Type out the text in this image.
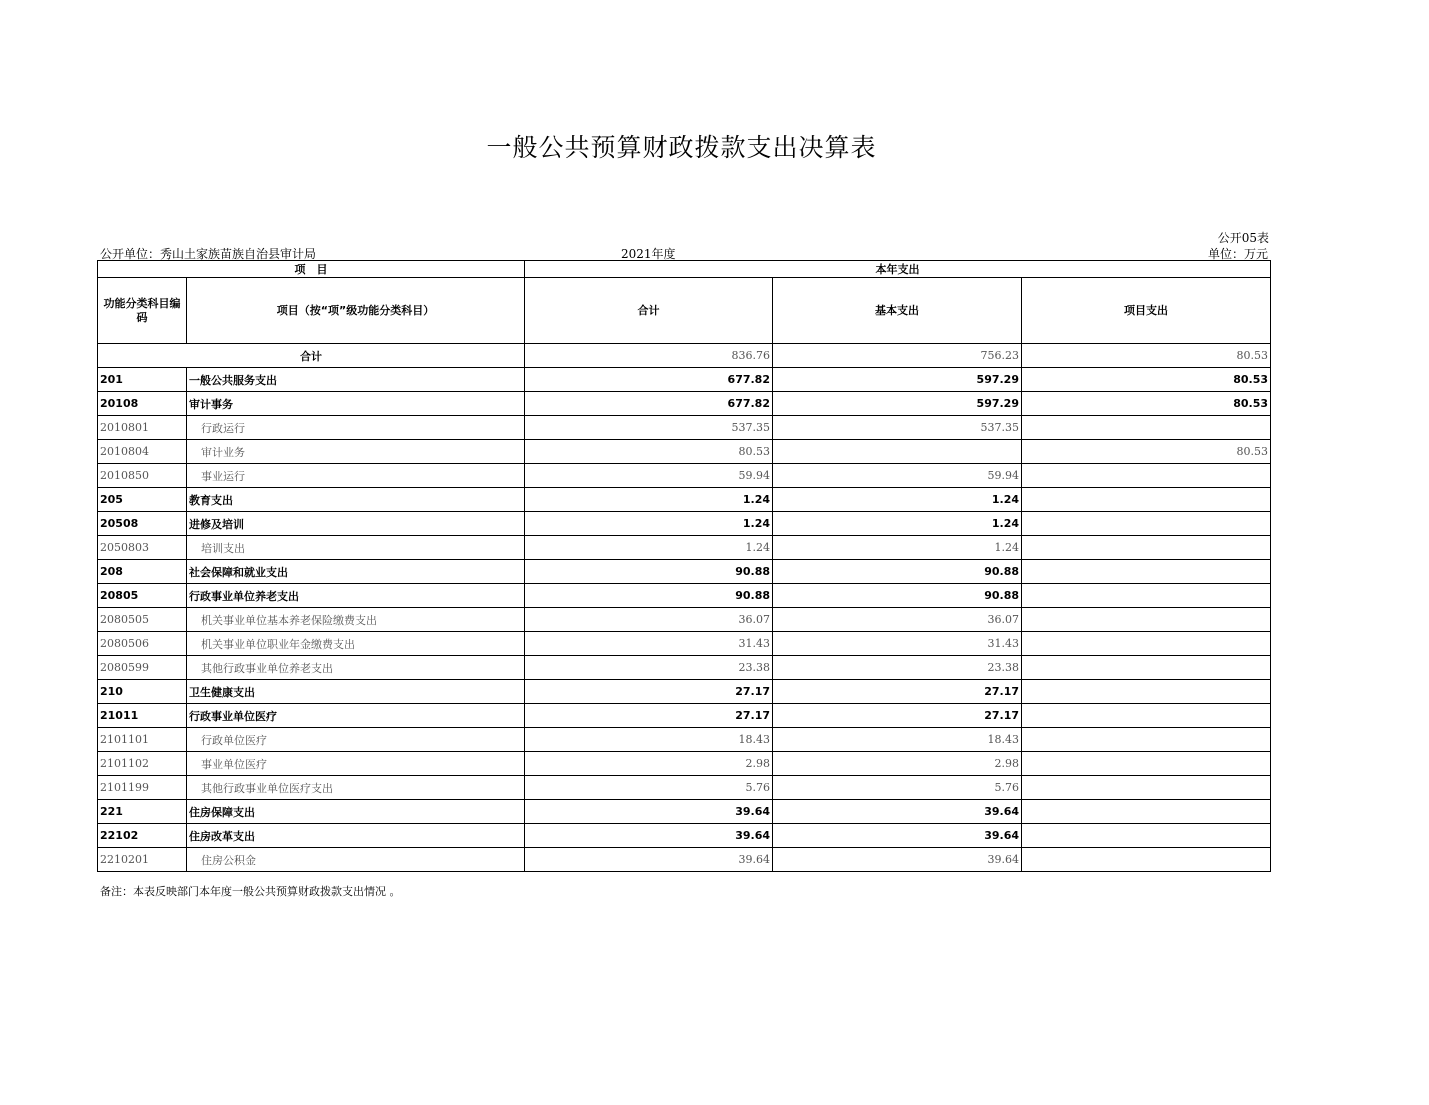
一般公共预算财政拨款支出决算表
公开05表
公开单位：秀山土家族苗族自治县审计局	2021年度	单位：万元
项　目		本年支出		
功能分类科目编码	项目（按“项”级功能分类科目）	合计	基本支出	项目支出
合计		836.76	756.23	80.53
201	一般公共服务支出	677.82	597.29	80.53
20108	审计事务	677.82	597.29	80.53
2010801	行政运行	537.35	537.35	
2010804	审计业务	80.53		80.53
2010850	事业运行	59.94	59.94	
205	教育支出	1.24	1.24	
20508	进修及培训	1.24	1.24	
2050803	培训支出	1.24	1.24	
208	社会保障和就业支出	90.88	90.88	
20805	行政事业单位养老支出	90.88	90.88	
2080505	机关事业单位基本养老保险缴费支出	36.07	36.07	
2080506	机关事业单位职业年金缴费支出	31.43	31.43	
2080599	其他行政事业单位养老支出	23.38	23.38	
210	卫生健康支出	27.17	27.17	
21011	行政事业单位医疗	27.17	27.17	
2101101	行政单位医疗	18.43	18.43	
2101102	事业单位医疗	2.98	2.98	
2101199	其他行政事业单位医疗支出	5.76	5.76	
221	住房保障支出	39.64	39.64	
22102	住房改革支出	39.64	39.64	
2210201	住房公积金	39.64	39.64	
备注：本表反映部门本年度一般公共预算财政拨款支出情况 。
